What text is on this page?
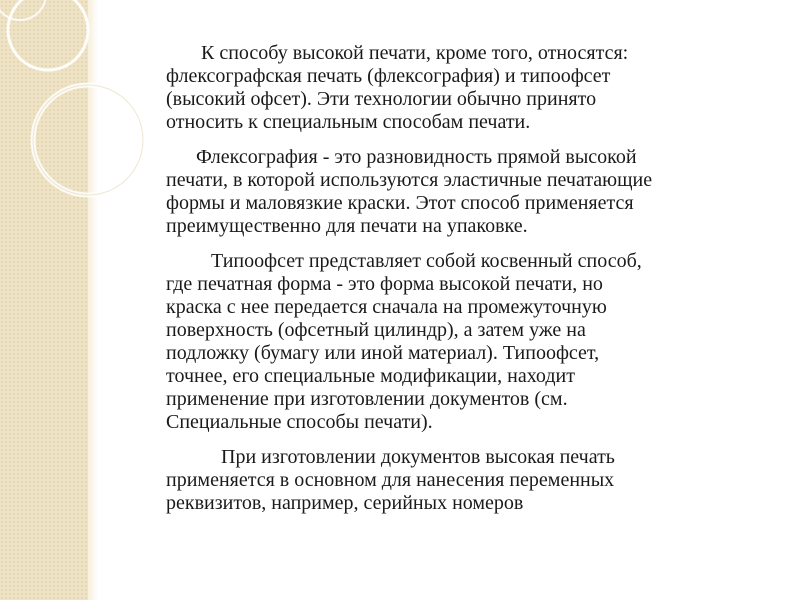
К способу высокой печати, кроме того, относятся:
флексографская печать (флексография) и типоофсет
(высокий офсет). Эти технологии обычно принято
относить к специальным способам печати.

Флексография - это разновидность прямой высокой
печати, в которой используются эластичные печатающие
формы и маловязкие краски. Этот способ применяется
преимущественно для печати на упаковке.

Типоофсет представляет собой косвенный способ,
где печатная форма - это форма высокой печати, но
краска с нее передается сначала на промежуточную
поверхность (офсетный цилиндр), а затем уже на
подложку (бумагу или иной материал). Типоофсет,
точнее, его специальные модификации, находит
применение при изготовлении документов (см.
Специальные способы печати).

При изготовлении документов высокая печать
применяется в основном для нанесения переменных
реквизитов, например, серийных номеров
